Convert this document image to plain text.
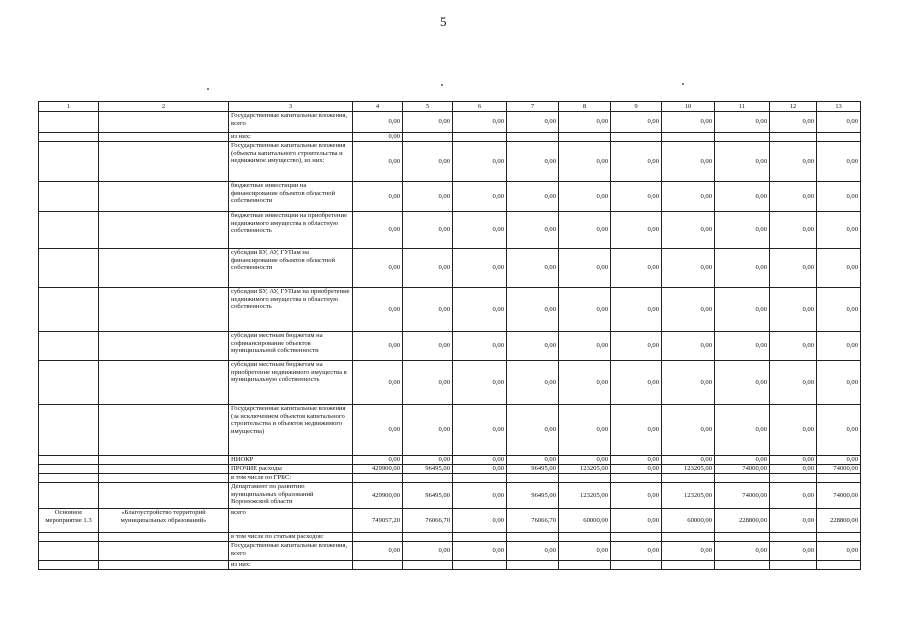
5
1	2	3	4	5	6	7	8	9	10	11	12	13
		Государственные капитальные вложения, всего	0,00	0,00	0,00	0,00	0,00	0,00	0,00	0,00	0,00	0,00
		из них:	0,00									
		Государственные капитальные вложения (объекты капитального строительства и недвижимое имущество), из них:	0,00	0,00	0,00	0,00	0,00	0,00	0,00	0,00	0,00	0,00
		бюджетные инвестиции на финансирование объектов областной собственности	0,00	0,00	0,00	0,00	0,00	0,00	0,00	0,00	0,00	0,00
		бюджетные инвестиции на приобретение недвижимого имущества в областную собственность	0,00	0,00	0,00	0,00	0,00	0,00	0,00	0,00	0,00	0,00
		субсидии БУ, АУ, ГУПам на финансирование объектов областной собственности	0,00	0,00	0,00	0,00	0,00	0,00	0,00	0,00	0,00	0,00
		субсидии БУ, АУ, ГУПам на приобретение недвижимого имущества в областную собственность	0,00	0,00	0,00	0,00	0,00	0,00	0,00	0,00	0,00	0,00
		субсидии местным бюджетам на софинансирование объектов муниципальной собственности	0,00	0,00	0,00	0,00	0,00	0,00	0,00	0,00	0,00	0,00
		субсидии местным бюджетам на приобретение недвижимого имущества в муниципальную собственность	0,00	0,00	0,00	0,00	0,00	0,00	0,00	0,00	0,00	0,00
		Государственные капитальные вложения (за исключением объектов капитального строительства и объектов недвижимого имущества)	0,00	0,00	0,00	0,00	0,00	0,00	0,00	0,00	0,00	0,00
		НИОКР	0,00	0,00	0,00	0,00	0,00	0,00	0,00	0,00	0,00	0,00
		ПРОЧИЕ расходы	429900,00	96495,00	0,00	96495,00	123205,00	0,00	123205,00	74000,00	0,00	74000,00
		в том числе по ГРБС:										
		Департамент по развитию муниципальных образований Воронежской области	429900,00	96495,00	0,00	96495,00	123205,00	0,00	123205,00	74000,00	0,00	74000,00
Основное мероприятие 1.3	«Благоустройство территорий муниципальных образований»	всего	749057,20	76066,70	0,00	76066,70	60000,00	0,00	60000,00	228800,00	0,00	228800,00
		в том числе по статьям расходов:										
		Государственные капитальные вложения, всего	0,00	0,00	0,00	0,00	0,00	0,00	0,00	0,00	0,00	0,00
		из них:										
